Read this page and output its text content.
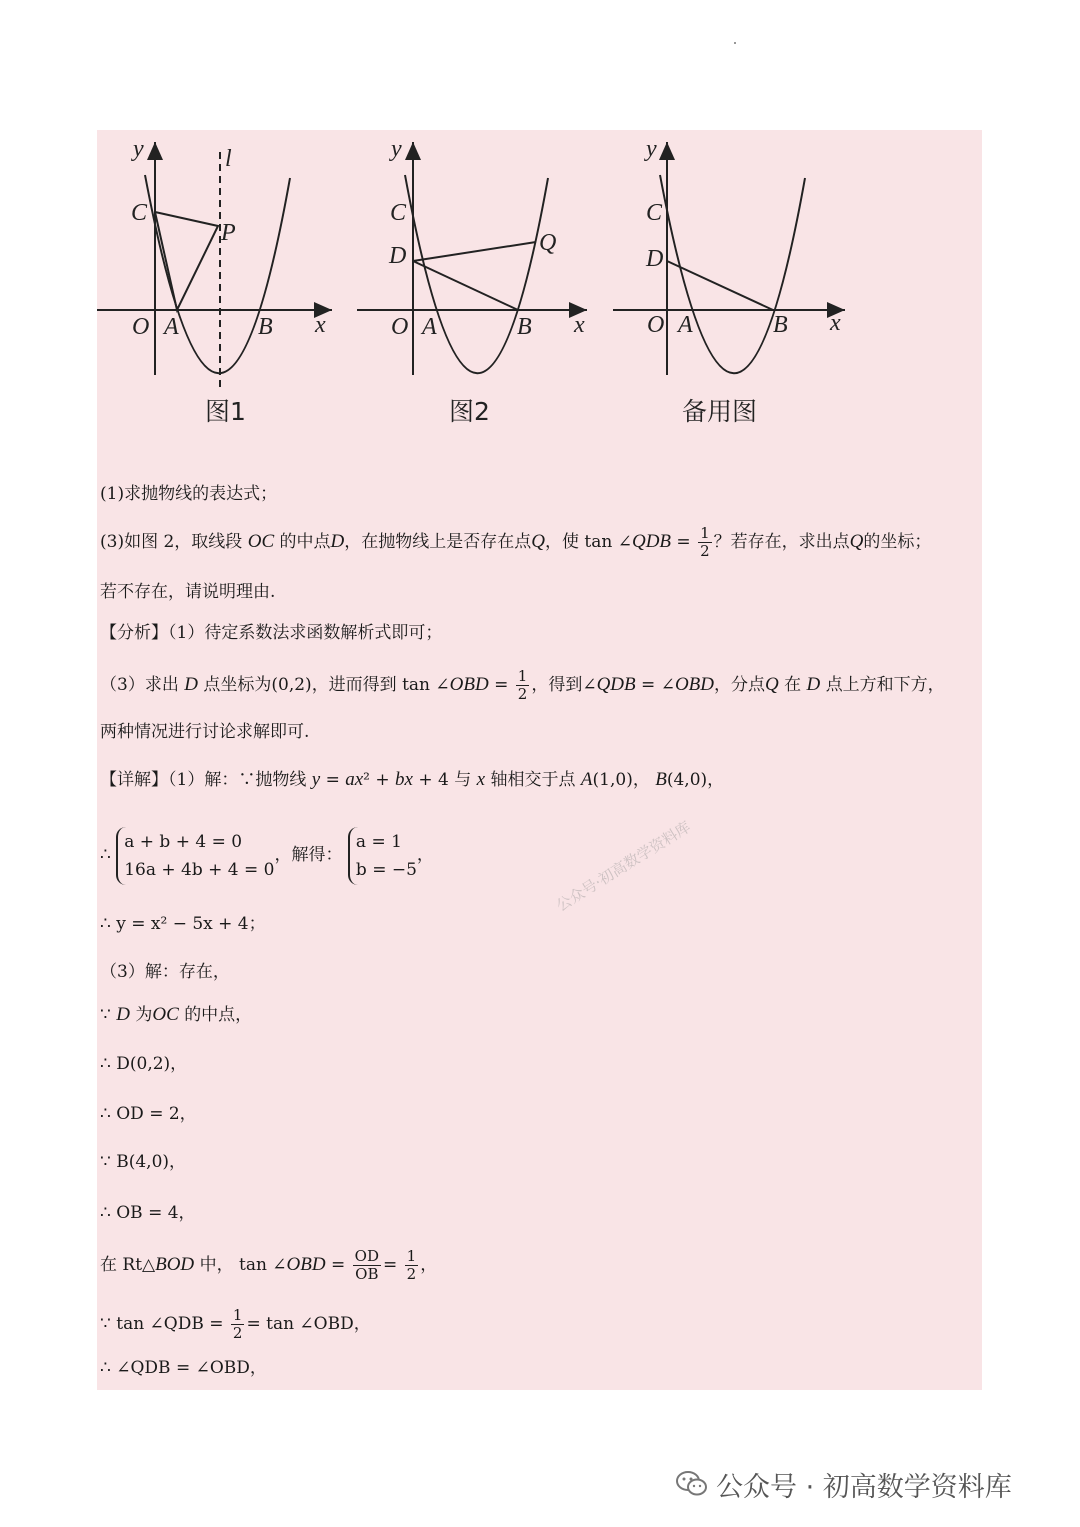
y	l
C
P
O A	B x
y
C
D	Q
O A	B x
y
C
D
O A	B x
图1	图2	备用图
(1)求抛物线的表达式；
(3)如图 2，取线段 OC 的中点D，在抛物线上是否存在点Q，使 tan ∠QDB = $\frac{1}{2}$ ？若存在，求出点Q的坐标；
若不存在，请说明理由.
【分析】（1）待定系数法求函数解析式即可；
（3）求出 D 点坐标为(0,2)，进而得到 tan ∠OBD = $\frac{1}{2}$ ，得到∠QDB = ∠OBD，分点Q 在 D 点上方和下方，
两种情况进行讨论求解即可.
【详解】（1）解：∵抛物线 y = ax² + bx + 4 与 x 轴相交于点 A(1,0)， B(4,0)，
∴
a + b + 4 = 0
16a + 4b + 4 = 0
，解得：
a = 1
b = −5
，
∴ y = x² − 5x + 4；
（3）解：存在，
∵ D 为OC 的中点，
∴ D(0,2)，
∴ OD = 2，
∵ B(4,0)，
∴ OB = 4，
在 Rt△BOD 中， tan ∠OBD = $\frac{OD}{OB} = \frac{1}{2}$ ，
∵ tan ∠QDB = $\frac{1}{2} = \tan$ ∠OBD，
∴ ∠QDB = ∠OBD，
公众号·初高数学资料库
公众号 · 初高数学资料库
